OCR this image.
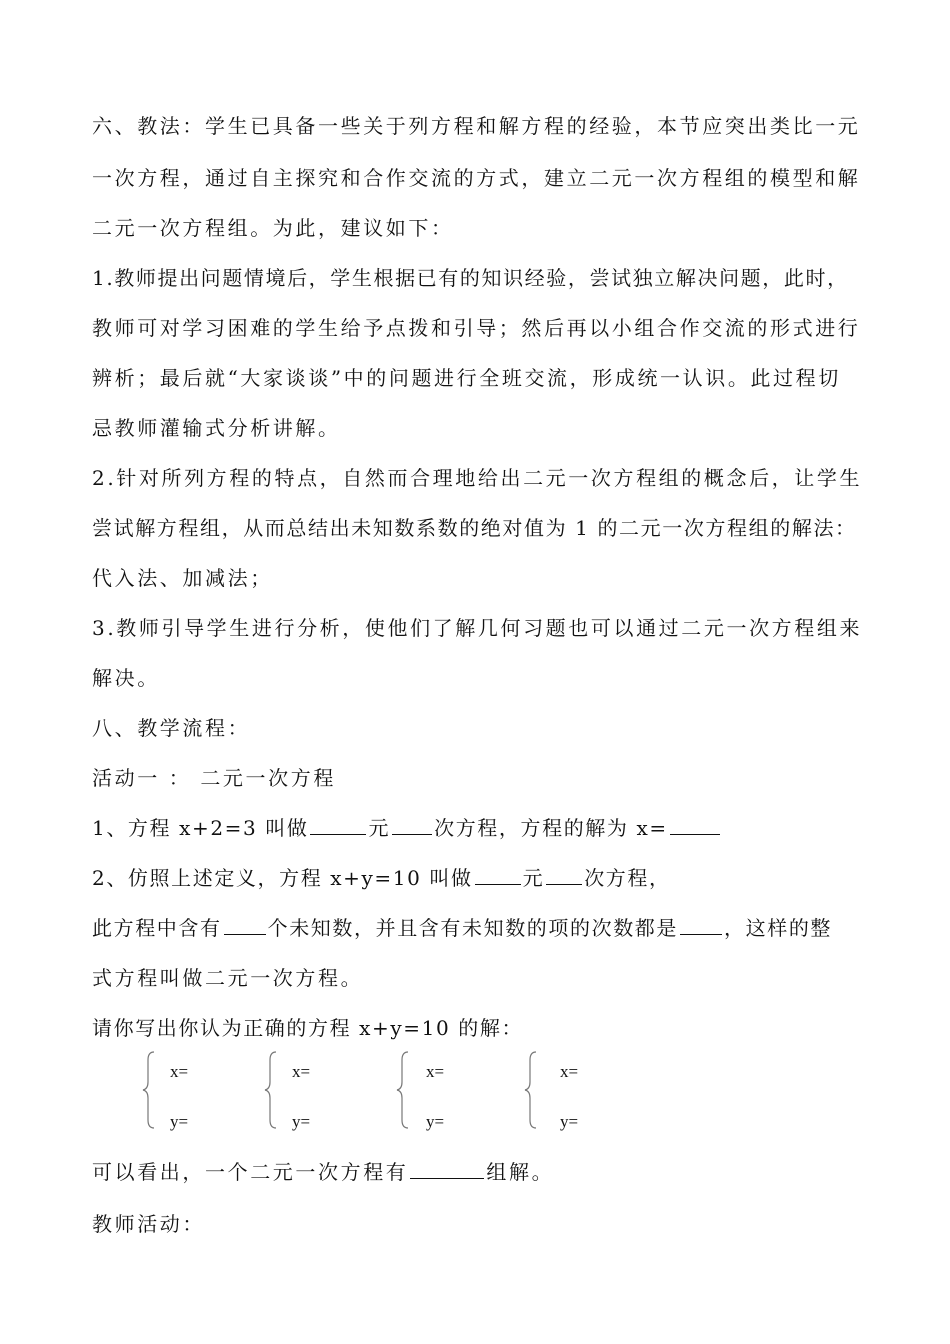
六、教法：学生已具备一些关于列方程和解方程的经验，本节应突出类比一元
一次方程，通过自主探究和合作交流的方式，建立二元一次方程组的模型和解
二元一次方程组。为此，建议如下：
1.教师提出问题情境后，学生根据已有的知识经验，尝试独立解决问题，此时，
教师可对学习困难的学生给予点拨和引导；然后再以小组合作交流的形式进行
辨析；最后就“大家谈谈”中的问题进行全班交流，形成统一认识。此过程切
忌教师灌输式分析讲解。
2.针对所列方程的特点，自然而合理地给出二元一次方程组的概念后，让学生
尝试解方程组，从而总结出未知数系数的绝对值为 1 的二元一次方程组的解法：
代入法、加减法；
3.教师引导学生进行分析，使他们了解几何习题也可以通过二元一次方程组来
解决。
八、教学流程：
活动一 ： 二元一次方程
1、方程 x+2=3 叫做	元 次方程，方程的解为 x=
2、仿照上述定义，方程 x+y=10 叫做	元 次方程，
此方程中含有 个未知数，并且含有未知数的项的次数都是 ，这样的整
式方程叫做二元一次方程。
请你写出你认为正确的方程 x+y=10 的解：
x=
y=
x=
y=
x=
y=
x=
y=
可以看出，一个二元一次方程有	组解。
教师活动：
